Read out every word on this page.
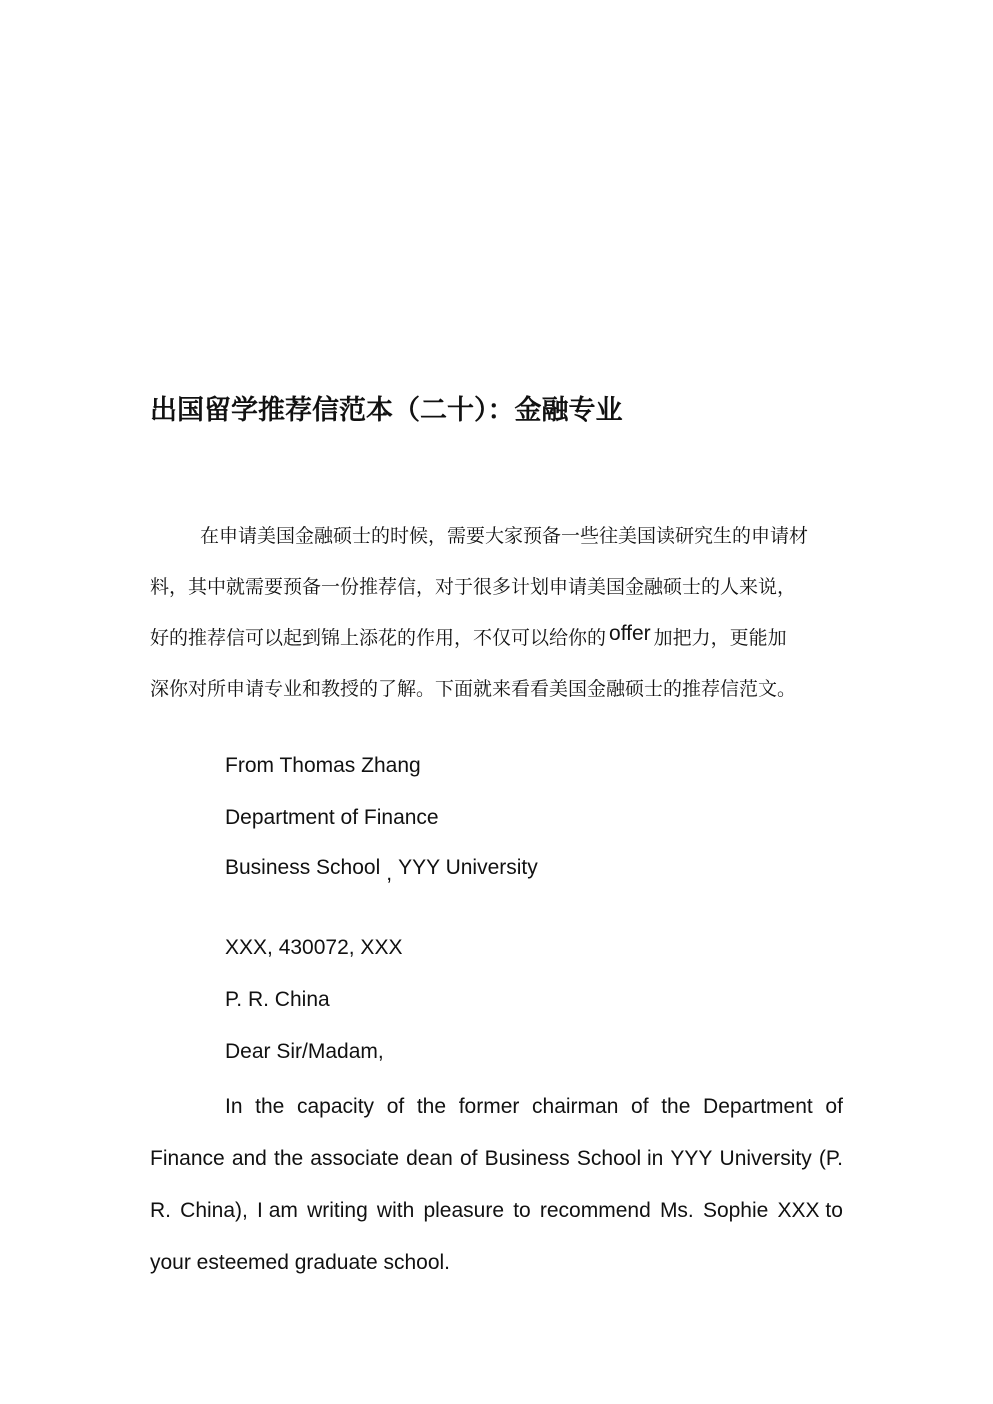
出国留学推荐信范本（二十）：金融专业
在申请美国金融硕士的时候，需要大家预备一些往美国读研究生的申请材
料，其中就需要预备一份推荐信，对于很多计划申请美国金融硕士的人来说，
好的推荐信可以起到锦上添花的作用，不仅可以给你的 offer 加把力，更能加
深你对所申请专业和教授的了解。下面就来看看美国金融硕士的推荐信范文。
From Thomas Zhang
Department of Finance
Business School , YYY University
XXX, 430072, XXX
P. R. China
Dear Sir/Madam,
In the capacity of the former chairman of the Department of
Finance and the associate dean of Business School in YYY University (P.
R. China), I am writing with pleasure to recommend Ms. Sophie XXX to
your esteemed graduate school.
